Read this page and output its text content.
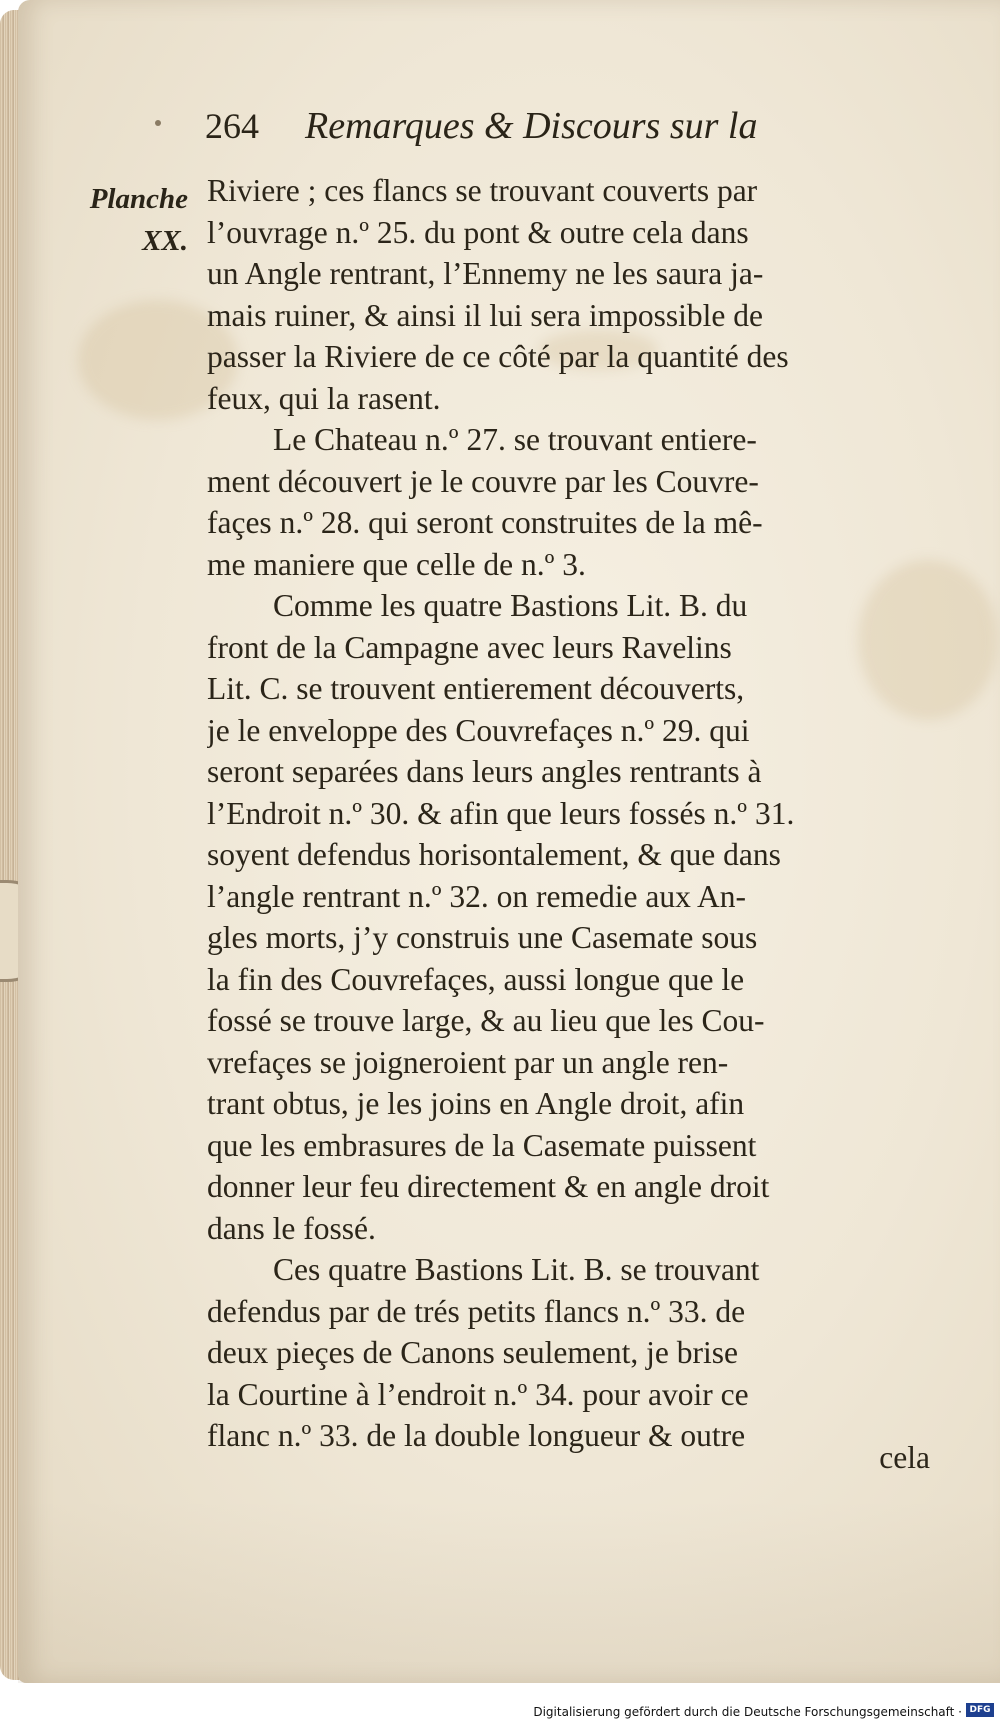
264 Remarques & Discours sur la
Planche
XX.

Riviere ; ces flancs se trouvant couverts par
l’ouvrage n.º 25. du pont & outre cela dans
un Angle rentrant, l’Ennemy ne les saura ja-
mais ruiner, & ainsi il lui sera impossible de
passer la Riviere de ce côté par la quantité des
feux, qui la rasent.

Le Chateau n.º 27. se trouvant entiere-
ment découvert je le couvre par les Couvre-
façes n.º 28. qui seront construites de la mê-
me maniere que celle de n.º 3.

Comme les quatre Bastions Lit. B. du
front de la Campagne avec leurs Ravelins
Lit. C. se trouvent entierement découverts,
je le enveloppe des Couvrefaçes n.º 29. qui
seront separées dans leurs angles rentrants à
l’Endroit n.º 30. & afin que leurs fossés n.º 31.
soyent defendus horisontalement, & que dans
l’angle rentrant n.º 32. on remedie aux An-
gles morts, j’y construis une Casemate sous
la fin des Couvrefaçes, aussi longue que le
fossé se trouve large, & au lieu que les Cou-
vrefaçes se joigneroient par un angle ren-
trant obtus, je les joins en Angle droit, afin
que les embrasures de la Casemate puissent
donner leur feu directement & en angle droit
dans le fossé.

Ces quatre Bastions Lit. B. se trouvant
defendus par de trés petits flancs n.º 33. de
deux pieçes de Canons seulement, je brise
la Courtine à l’endroit n.º 34. pour avoir ce
flanc n.º 33. de la double longueur & outre

cela
Digitalisierung gefördert durch die Deutsche Forschungsgemeinschaft · DFG
